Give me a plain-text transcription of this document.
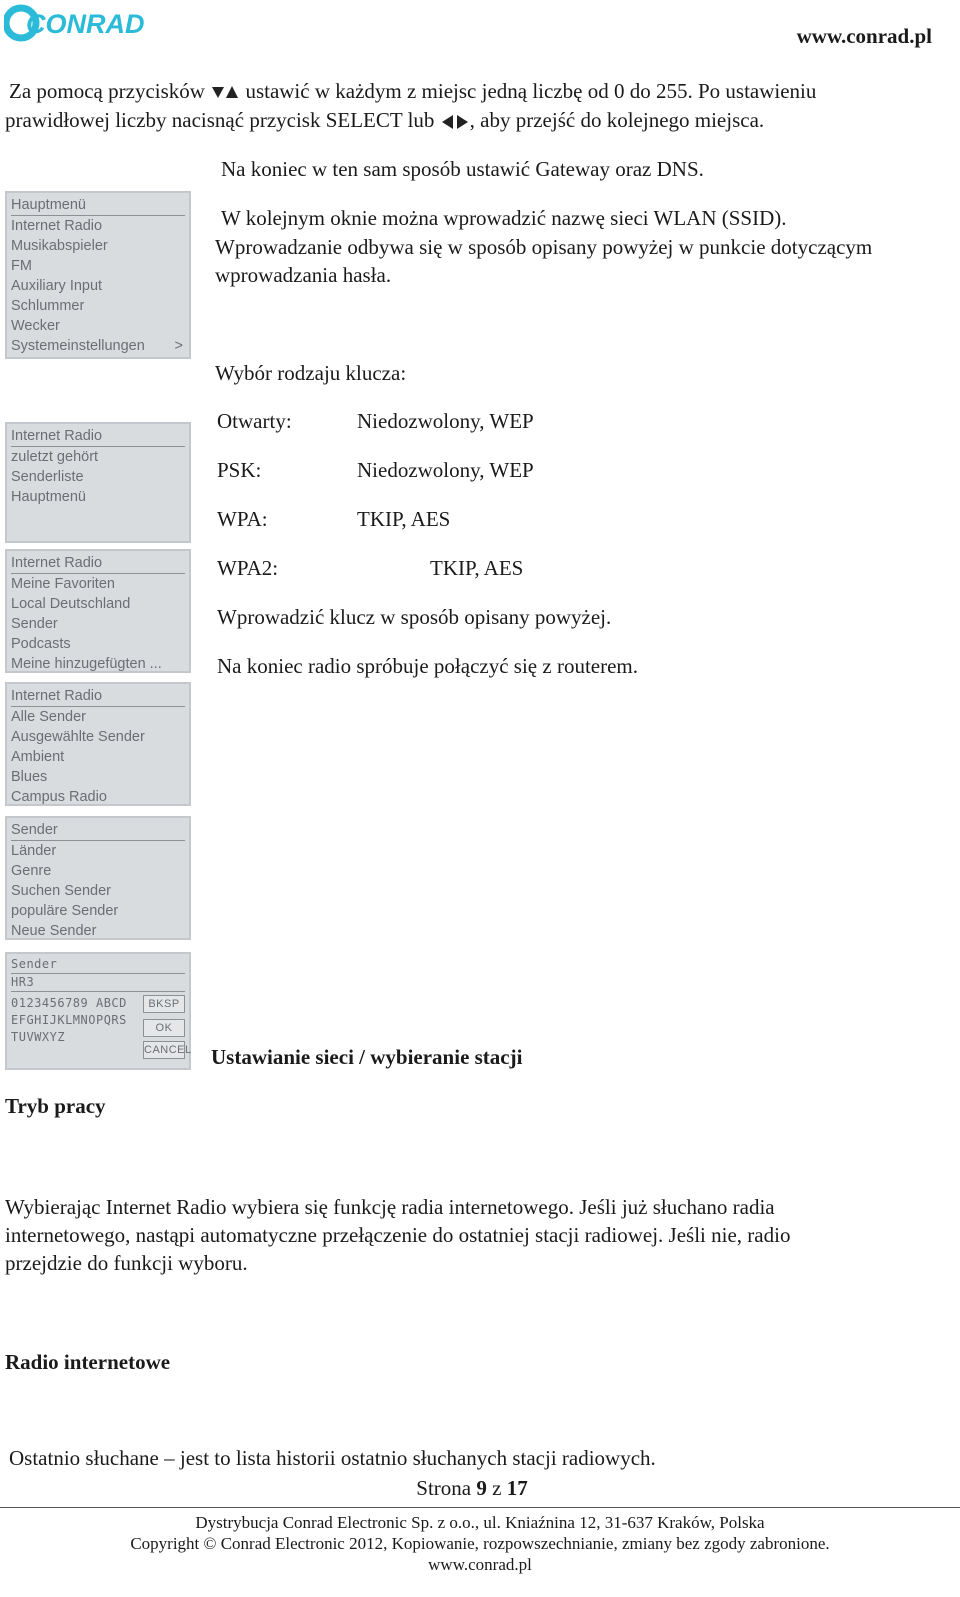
CONRAD	www.conrad.pl
Za pomocą przycisków ustawić w każdym z miejsc jedną liczbę od 0 do 255. Po ustawieniu
prawidłowej liczby nacisnąć przycisk SELECT lub , aby przejść do kolejnego miejsca.
Na koniec w ten sam sposób ustawić Gateway oraz DNS.
W kolejnym oknie można wprowadzić nazwę sieci WLAN (SSID).
Wprowadzanie odbywa się w sposób opisany powyżej w punkcie dotyczącym
wprowadzania hasła.
Wybór rodzaju klucza:
Otwarty:	Niedozwolony, WEP
PSK:	Niedozwolony, WEP
WPA:	TKIP, AES
WPA2:	TKIP, AES
Wprowadzić klucz w sposób opisany powyżej.
Na koniec radio spróbuje połączyć się z routerem.
Hauptmenü
Internet Radio
Musikabspieler
FM
Auxiliary Input
Schlummer
Wecker
Systemeinstellungen >
Internet Radio
zuletzt gehört
Senderliste
Hauptmenü
Internet Radio
Meine Favoriten
Local Deutschland
Sender
Podcasts
Meine hinzugefügten ...
Internet Radio
Alle Sender
Ausgewählte Sender
Ambient
Blues
Campus Radio
Sender
Länder
Genre
Suchen Sender
populäre Sender
Neue Sender
Sender
HR3
0123456789 ABCD
EFGHIJKLMNOPQRS
TUVWXYZ
BKSP
OK
CANCEL Ustawianie sieci / wybieranie stacji
Tryb pracy
Wybierając Internet Radio wybiera się funkcję radia internetowego. Jeśli już słuchano radia
internetowego, nastąpi automatyczne przełączenie do ostatniej stacji radiowej. Jeśli nie, radio
przejdzie do funkcji wyboru.
Radio internetowe
Ostatnio słuchane – jest to lista historii ostatnio słuchanych stacji radiowych.
Strona 9 z 17
Dystrybucja Conrad Electronic Sp. z o.o., ul. Kniaźnina 12, 31-637 Kraków, Polska
Copyright © Conrad Electronic 2012, Kopiowanie, rozpowszechnianie, zmiany bez zgody zabronione.
www.conrad.pl
